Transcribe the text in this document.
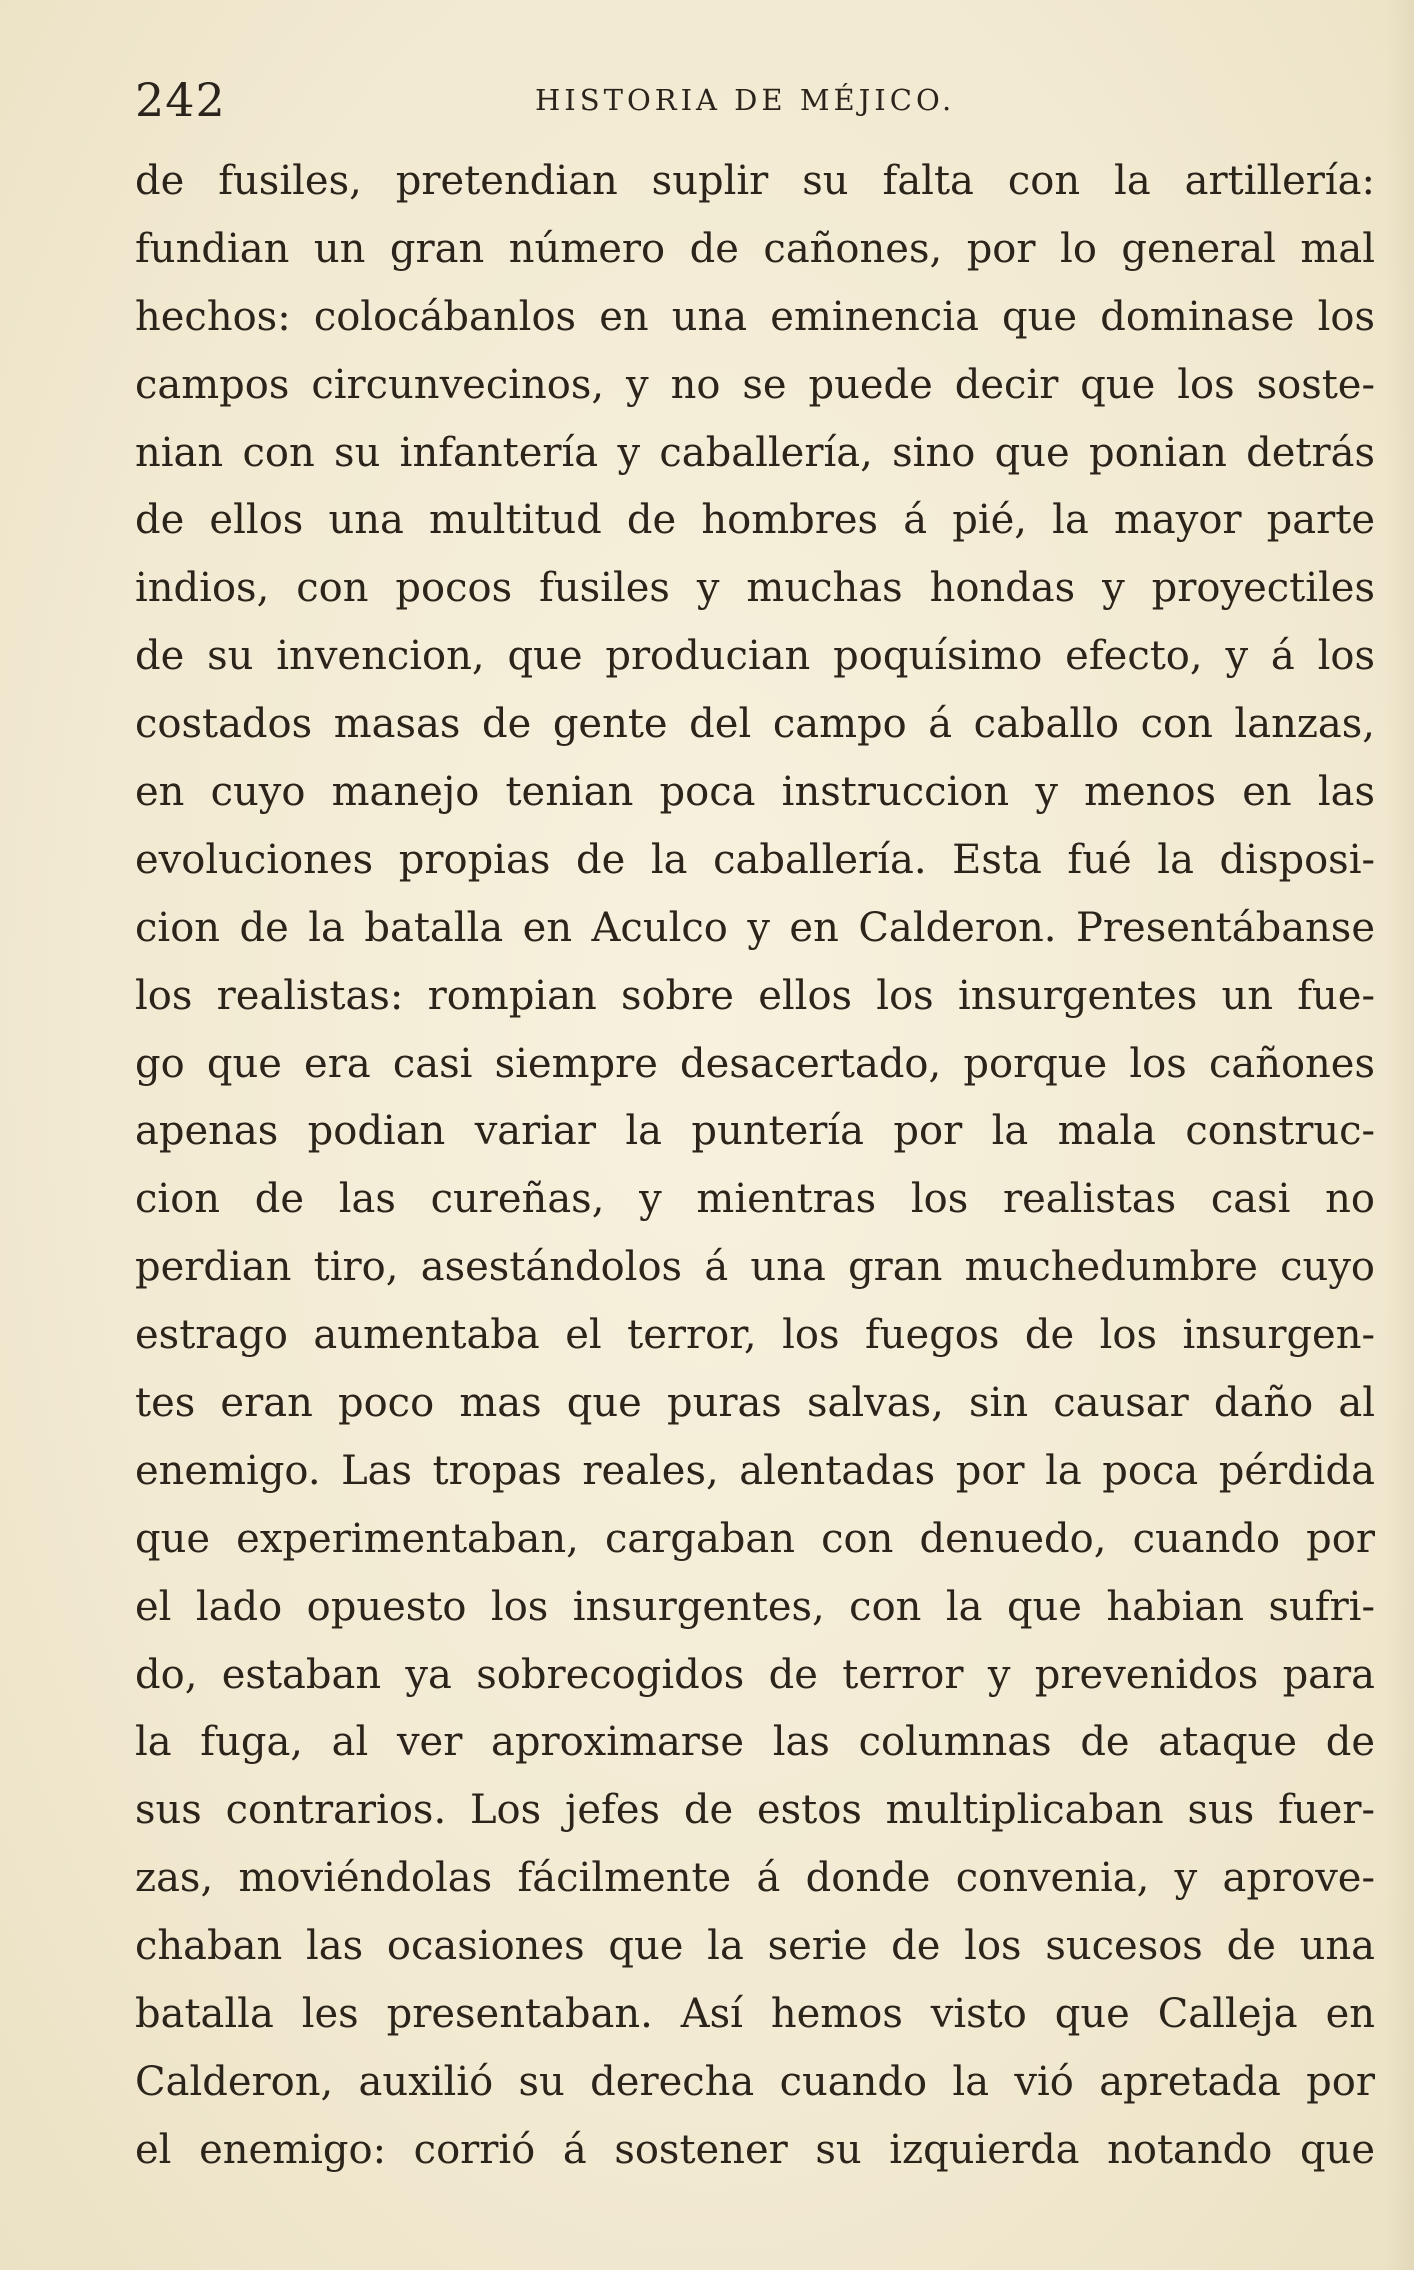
242	HISTORIA DE MÉJICO.
de fusiles, pretendian suplir su falta con la artillería:
fundian un gran número de cañones, por lo general mal
hechos: colocábanlos en una eminencia que dominase los
campos circunvecinos, y no se puede decir que los soste-
nian con su infantería y caballería, sino que ponian detrás
de ellos una multitud de hombres á pié, la mayor parte
indios, con pocos fusiles y muchas hondas y proyectiles
de su invencion, que producian poquísimo efecto, y á los
costados masas de gente del campo á caballo con lanzas,
en cuyo manejo tenian poca instruccion y menos en las
evoluciones propias de la caballería. Esta fué la disposi-
cion de la batalla en Aculco y en Calderon. Presentábanse
los realistas: rompian sobre ellos los insurgentes un fue-
go que era casi siempre desacertado, porque los cañones
apenas podian variar la puntería por la mala construc-
cion de las cureñas, y mientras los realistas casi no
perdian tiro, asestándolos á una gran muchedumbre cuyo
estrago aumentaba el terror, los fuegos de los insurgen-
tes eran poco mas que puras salvas, sin causar daño al
enemigo. Las tropas reales, alentadas por la poca pérdida
que experimentaban, cargaban con denuedo, cuando por
el lado opuesto los insurgentes, con la que habian sufri-
do, estaban ya sobrecogidos de terror y prevenidos para
la fuga, al ver aproximarse las columnas de ataque de
sus contrarios. Los jefes de estos multiplicaban sus fuer-
zas, moviéndolas fácilmente á donde convenia, y aprove-
chaban las ocasiones que la serie de los sucesos de una
batalla les presentaban. Así hemos visto que Calleja en
Calderon, auxilió su derecha cuando la vió apretada por
el enemigo: corrió á sostener su izquierda notando que
